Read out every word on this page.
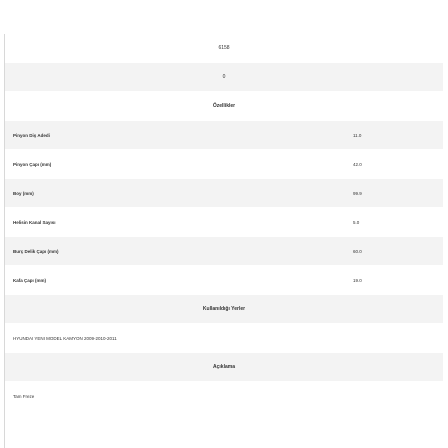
6158
0
Özellikler
Pinyon Diş Adedi	11.0
Pinyon Çapı (mm)	42.0
Boy (mm)	99.9
Helisin Kanal Sayısı	5.0
Burç Delik Çapı (mm)	60.0
Kafa Çapı (mm)	19.0
Kullanıldığı Yerler
HYUNDAI YENI MODEL KAMYON 2009-2010-2011
Açıklama
Tam Freze
